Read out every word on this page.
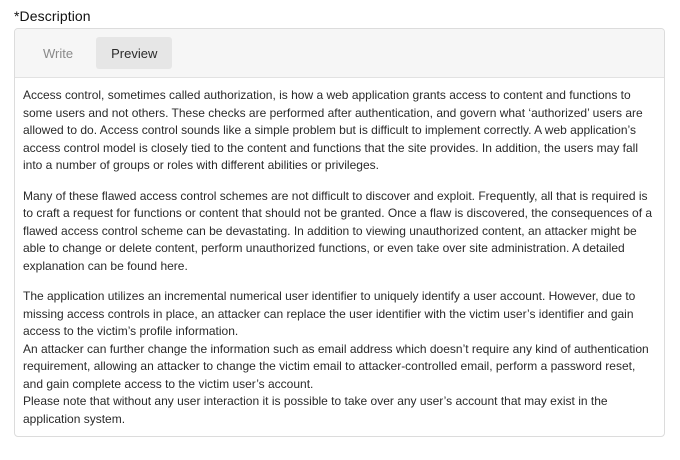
*Description
Write	Preview

Access control, sometimes called authorization, is how a web application grants access to content and functions to some users and not others. These checks are performed after authentication, and govern what ‘authorized’ users are allowed to do. Access control sounds like a simple problem but is difficult to implement correctly. A web application’s access control model is closely tied to the content and functions that the site provides. In addition, the users may fall into a number of groups or roles with different abilities or privileges.

Many of these flawed access control schemes are not difficult to discover and exploit. Frequently, all that is required is to craft a request for functions or content that should not be granted. Once a flaw is discovered, the consequences of a flawed access control scheme can be devastating. In addition to viewing unauthorized content, an attacker might be able to change or delete content, perform unauthorized functions, or even take over site administration. A detailed explanation can be found here.

The application utilizes an incremental numerical user identifier to uniquely identify a user account. However, due to missing access controls in place, an attacker can replace the user identifier with the victim user’s identifier and gain access to the victim’s profile information.
An attacker can further change the information such as email address which doesn’t require any kind of authentication requirement, allowing an attacker to change the victim email to attacker-controlled email, perform a password reset, and gain complete access to the victim user’s account.
Please note that without any user interaction it is possible to take over any user’s account that may exist in the application system.
